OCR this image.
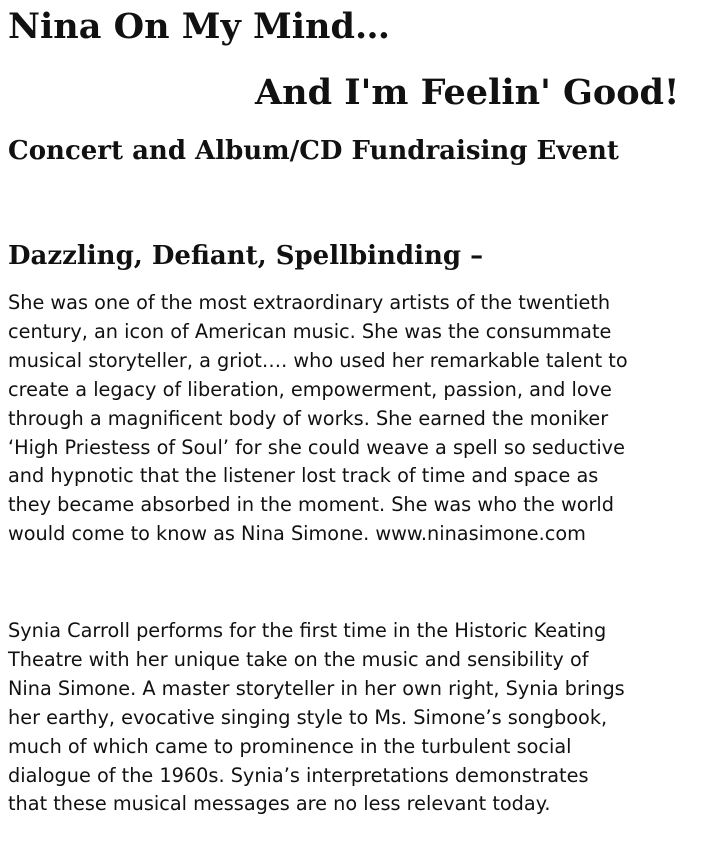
Nina On My Mind…
And I'm Feelin' Good!
Concert and Album/CD Fundraising Event
Dazzling, Defiant, Spellbinding –
She was one of the most extraordinary artists of the twentieth
century, an icon of American music. She was the consummate
musical storyteller, a griot…. who used her remarkable talent to
create a legacy of liberation, empowerment, passion, and love
through a magnificent body of works. She earned the moniker
‘High Priestess of Soul’ for she could weave a spell so seductive
and hypnotic that the listener lost track of time and space as
they became absorbed in the moment. She was who the world
would come to know as Nina Simone. www.ninasimone.com
Synia Carroll performs for the first time in the Historic Keating
Theatre with her unique take on the music and sensibility of
Nina Simone. A master storyteller in her own right, Synia brings
her earthy, evocative singing style to Ms. Simone’s songbook,
much of which came to prominence in the turbulent social
dialogue of the 1960s. Synia’s interpretations demonstrates
that these musical messages are no less relevant today.
